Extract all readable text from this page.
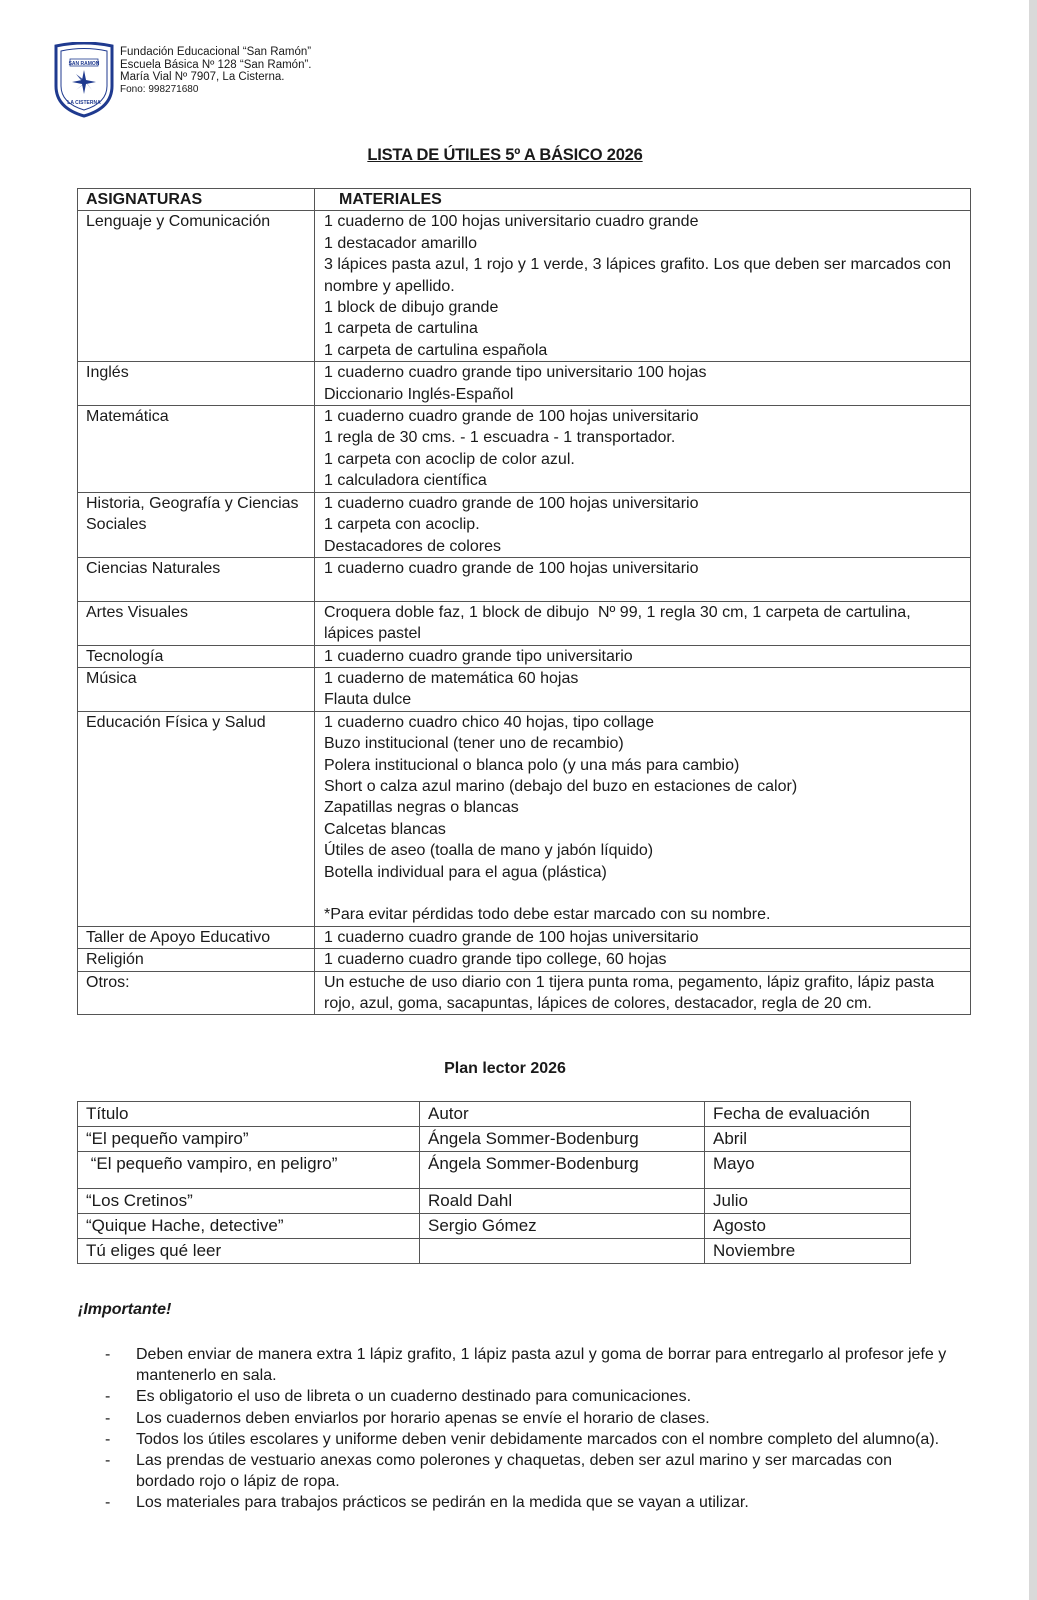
SAN RAMON
LA CISTERNA
Fundación Educacional “San Ramón”
Escuela Básica Nº 128 “San Ramón”.
María Vial Nº 7907, La Cisterna.
Fono: 998271680
LISTA DE ÚTILES 5º A BÁSICO 2026
ASIGNATURAS	MATERIALES
Lenguaje y Comunicación	1 cuaderno de 100 hojas universitario cuadro grande
1 destacador amarillo
3 lápices pasta azul, 1 rojo y 1 verde, 3 lápices grafito. Los que deben ser marcados con nombre y apellido.
1 block de dibujo grande
1 carpeta de cartulina
1 carpeta de cartulina española

Inglés	1 cuaderno cuadro grande tipo universitario 100 hojas
Diccionario Inglés-Español

Matemática	1 cuaderno cuadro grande de 100 hojas universitario
1 regla de 30 cms. - 1 escuadra - 1 transportador.
1 carpeta con acoclip de color azul.
1 calculadora científica

Historia, Geografía y Ciencias Sociales	1 cuaderno cuadro grande de 100 hojas universitario
1 carpeta con acoclip.
Destacadores de colores

Ciencias Naturales	1 cuaderno cuadro grande de 100 hojas universitario

Artes Visuales	Croquera doble faz, 1 block de dibujo  Nº 99, 1 regla 30 cm, 1 carpeta de cartulina, lápices pastel

Tecnología	1 cuaderno cuadro grande tipo universitario

Música	1 cuaderno de matemática 60 hojas
Flauta dulce

Educación Física y Salud	1 cuaderno cuadro chico 40 hojas, tipo collage
Buzo institucional (tener uno de recambio)
Polera institucional o blanca polo (y una más para cambio)
Short o calza azul marino (debajo del buzo en estaciones de calor)
Zapatillas negras o blancas
Calcetas blancas
Útiles de aseo (toalla de mano y jabón líquido)
Botella individual para el agua (plástica)

*Para evitar pérdidas todo debe estar marcado con su nombre.

Taller de Apoyo Educativo	1 cuaderno cuadro grande de 100 hojas universitario

Religión	1 cuaderno cuadro grande tipo college, 60 hojas

Otros:	Un estuche de uso diario con 1 tijera punta roma, pegamento, lápiz grafito, lápiz pasta rojo, azul, goma, sacapuntas, lápices de colores, destacador, regla de 20 cm.
Plan lector 2026
Título	Autor	Fecha de evaluación
“El pequeño vampiro”	Ángela Sommer-Bodenburg	Abril
“El pequeño vampiro, en peligro”	Ángela Sommer-Bodenburg	Mayo
“Los Cretinos”	Roald Dahl	Julio
“Quique Hache, detective”	Sergio Gómez	Agosto
Tú eliges qué leer		Noviembre
¡Importante!
- Deben enviar de manera extra 1 lápiz grafito, 1 lápiz pasta azul y goma de borrar para entregarlo al profesor jefe y mantenerlo en sala.
- Es obligatorio el uso de libreta o un cuaderno destinado para comunicaciones.
- Los cuadernos deben enviarlos por horario apenas se envíe el horario de clases.
- Todos los útiles escolares y uniforme deben venir debidamente marcados con el nombre completo del alumno(a).
- Las prendas de vestuario anexas como polerones y chaquetas, deben ser azul marino y ser marcadas con bordado rojo o lápiz de ropa.
- Los materiales para trabajos prácticos se pedirán en la medida que se vayan a utilizar.
